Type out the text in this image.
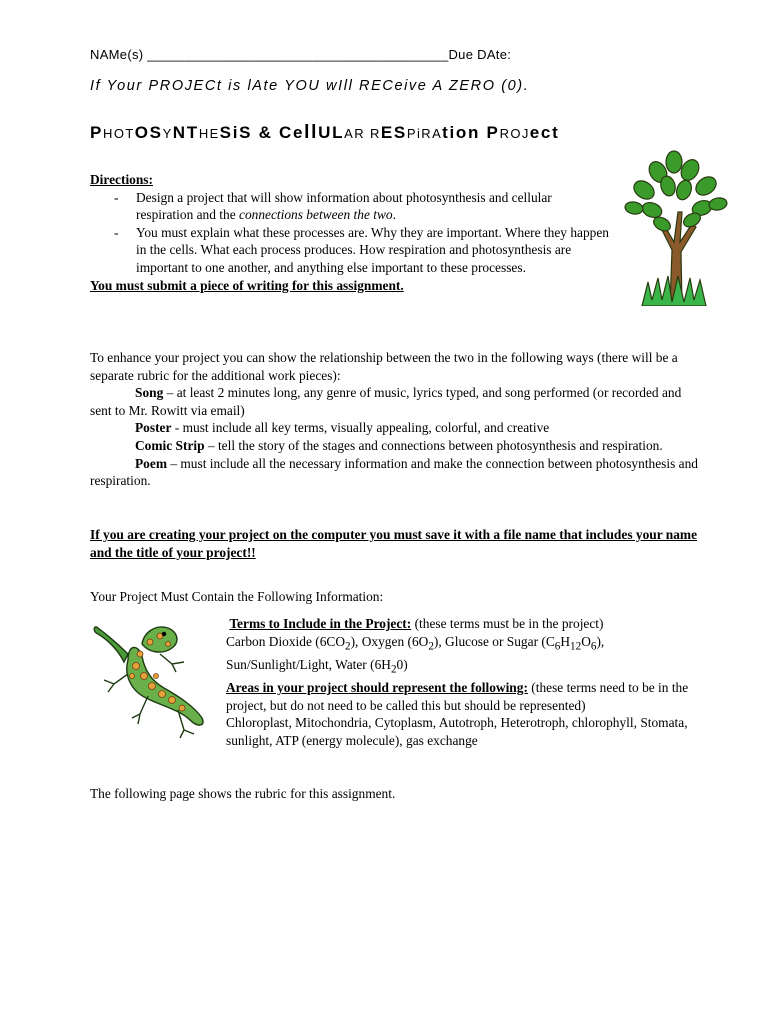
NAMe(s) ________________________________________Due DAte:
If Your PROJECt is lAte YOU wIll RECeive A ZERO (0).
PHOTOSYNTHESiS & CellULAR RESPiRAtion PROJect
Directions:
- Design a project that will show information about photosynthesis and cellular respiration and the connections between the two.
- You must explain what these processes are. Why they are important. Where they happen in the cells. What each process produces. How respiration and photosynthesis are important to one another, and anything else important to these processes.
You must submit a piece of writing for this assignment.
To enhance your project you can show the relationship between the two in the following ways (there will be a separate rubric for the additional work pieces):
Song – at least 2 minutes long, any genre of music, lyrics typed, and song performed (or recorded and sent to Mr. Rowitt via email)
Poster - must include all key terms, visually appealing, colorful, and creative
Comic Strip – tell the story of the stages and connections between photosynthesis and respiration.
Poem – must include all the necessary information and make the connection between photosynthesis and respiration.
If you are creating your project on the computer you must save it with a file name that includes your name and the title of your project!!
Your Project Must Contain the Following Information:
Terms to Include in the Project: (these terms must be in the project)
Carbon Dioxide $(6CO_2)$, Oxygen $(6O_2)$, Glucose or Sugar $(C_6H_{12}O_6)$,
Sun/Sunlight/Light, Water $(6H_20)$
Areas in your project should represent the following: (these terms need to be in the project, but do not need to be called this but should be represented)
Chloroplast, Mitochondria, Cytoplasm, Autotroph, Heterotroph, chlorophyll, Stomata, sunlight, ATP (energy molecule), gas exchange
The following page shows the rubric for this assignment.
